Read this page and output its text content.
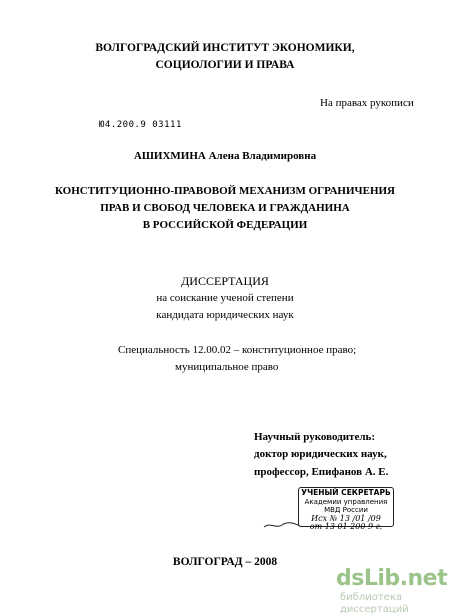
ВОЛГОГРАДСКИЙ ИНСТИТУТ ЭКОНОМИКИ,
СОЦИОЛОГИИ И ПРАВА
На правах рукописи
Ю4.200.9 03111
АШИХМИНА Алена Владимировна
КОНСТИТУЦИОННО-ПРАВОВОЙ МЕХАНИЗМ ОГРАНИЧЕНИЯ
ПРАВ И СВОБОД ЧЕЛОВЕКА И ГРАЖДАНИНА
В РОССИЙСКОЙ ФЕДЕРАЦИИ
ДИССЕРТАЦИЯ
на соискание ученой степени
кандидата юридических наук
Специальность 12.00.02 – конституционное право;
муниципальное право
Научный руководитель:
доктор юридических наук,
профессор, Епифанов А. Е.
УЧЕНЫЙ СЕКРЕТАРЬ
Академии управления
МВД России
Исх № 13 /01 /09
от 13 01 200 9 г.
ВОЛГОГРАД – 2008
dsLib.net
библиотека диссертаций
